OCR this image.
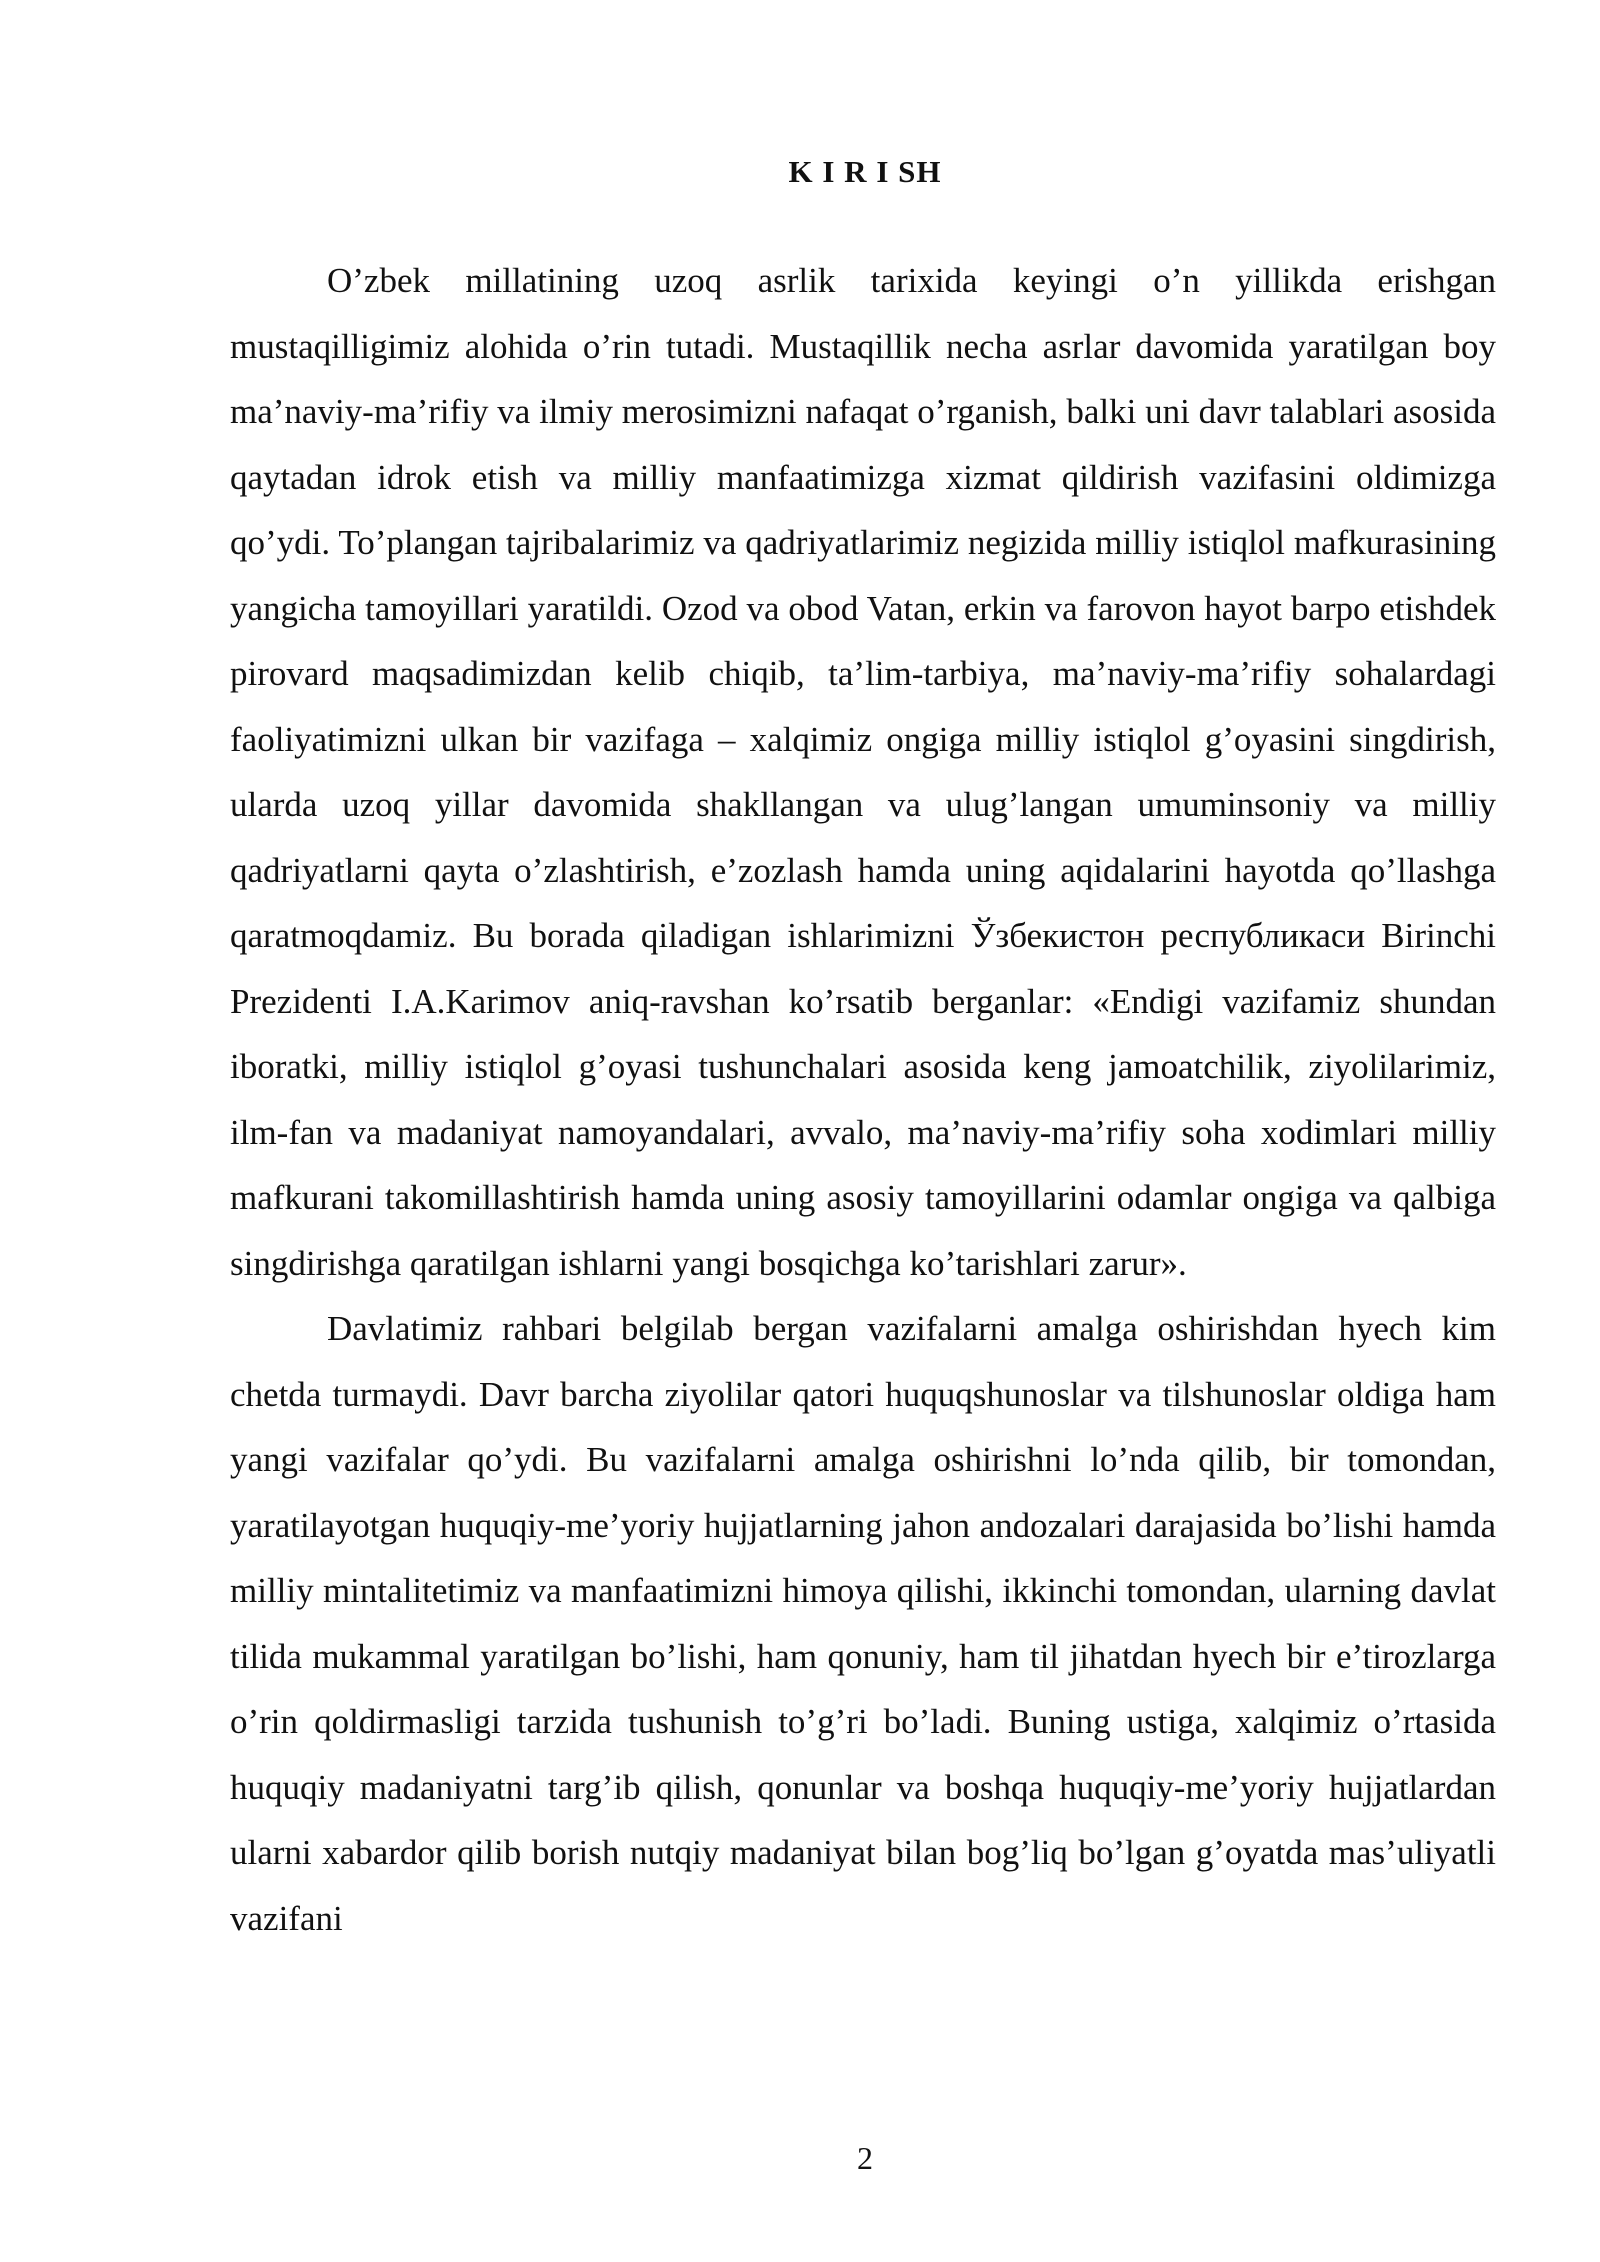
K I R I SH

O’zbek millatining uzoq asrlik tarixida keyingi o’n yillikda erishgan mustaqilligimiz alohida o’rin tutadi. Mustaqillik necha asrlar davomida yaratilgan boy ma’naviy-ma’rifiy va ilmiy merosimizni nafaqat o’rganish, balki uni davr talablari asosida qaytadan idrok etish va milliy manfaatimizga xizmat qildirish vazifasini oldimizga qo’ydi. To’plangan tajribalarimiz va qadriyatlarimiz negizida milliy istiqlol mafkurasining yangicha tamoyillari yaratildi. Ozod va obod Vatan, erkin va farovon hayot barpo etishdek pirovard maqsadimizdan kelib chiqib, ta’lim-tarbiya, ma’naviy-ma’rifiy sohalardagi faoliyatimizni ulkan bir vazifaga – xalqimiz ongiga milliy istiqlol g’oyasini singdirish, ularda uzoq yillar davomida shakllangan va ulug’langan umuminsoniy va milliy qadriyatlarni qayta o’zlashtirish, e’zozlash hamda uning aqidalarini hayotda qo’llashga qaratmoqdamiz. Bu borada qiladigan ishlarimizni Ўзбекистон республикаси Birinchi Prezidenti I.A.Karimov aniq-ravshan ko’rsatib berganlar: «Endigi vazifamiz shundan iboratki, milliy istiqlol g’oyasi tushunchalari asosida keng jamoatchilik, ziyolilarimiz, ilm-fan va madaniyat namoyandalari, avvalo, ma’naviy-ma’rifiy soha xodimlari milliy mafkurani takomillashtirish hamda uning asosiy tamoyillarini odamlar ongiga va qalbiga singdirishga qaratilgan ishlarni yangi bosqichga ko’tarishlari zarur».

Davlatimiz rahbari belgilab bergan vazifalarni amalga oshirishdan hyech kim chetda turmaydi. Davr barcha ziyolilar qatori huquqshunoslar va tilshunoslar oldiga ham yangi vazifalar qo’ydi. Bu vazifalarni amalga oshirishni lo’nda qilib, bir tomondan, yaratilayotgan huquqiy-me’yoriy hujjatlarning jahon andozalari darajasida bo’lishi hamda milliy mintalitetimiz va manfaatimizni himoya qilishi, ikkinchi tomondan, ularning davlat tilida mukammal yaratilgan bo’lishi, ham qonuniy, ham til jihatdan hyech bir e’tirozlarga o’rin qoldirmasligi tarzida tushunish to’g’ri bo’ladi. Buning ustiga, xalqimiz o’rtasida huquqiy madaniyatni targ’ib qilish, qonunlar va boshqa huquqiy-me’yoriy hujjatlardan ularni xabardor qilib borish nutqiy madaniyat bilan bog’liq bo’lgan g’oyatda mas’uliyatli vazifani

2
